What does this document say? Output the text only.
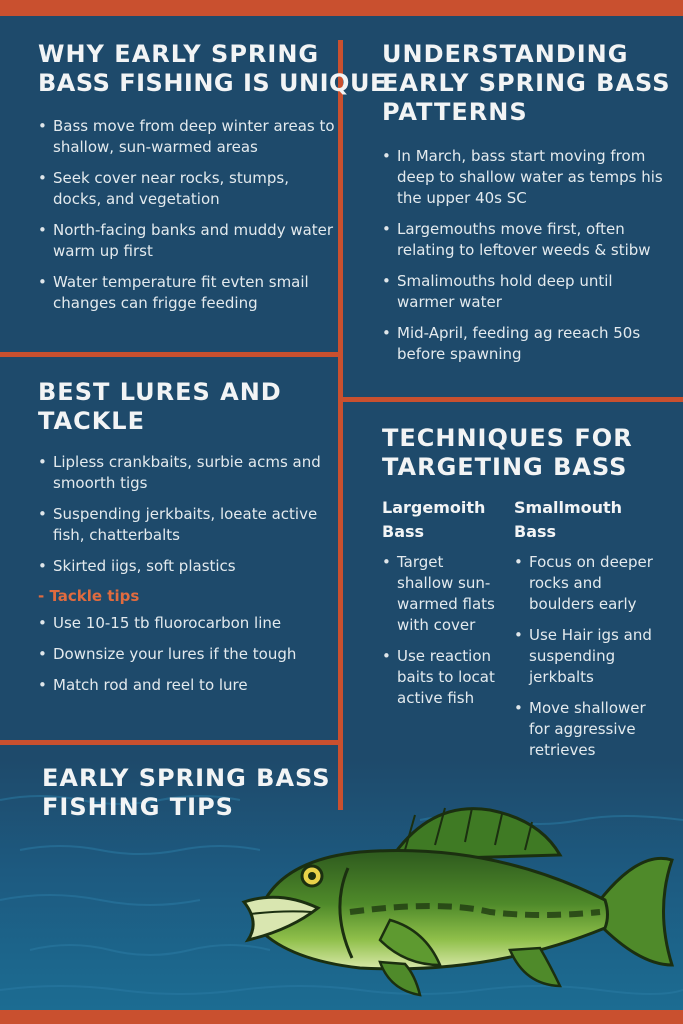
WHY EARLY SPRING
BASS FISHING IS UNIQUE
• Bass move from deep winter areas to shallow, sun-warmed areas
• Seek cover near rocks, stumps, docks, and vegetation
• North-facing banks and muddy water warm up first
• Water temperature fit evten smail changes can frigge feeding
UNDERSTANDING
EARLY SPRING BASS
PATTERNS
• In March, bass start moving from deep to shallow water as temps his the upper 40s SC
• Largemouths move first, often relating to leftover weeds & stibw
• Smalimouths hold deep until warmer water
• Mid-April, feeding ag reeach 50s before spawning
BEST LURES AND
TACKLE
• Lipless crankbaits, surbie acms and smoorth tigs
• Suspending jerkbaits, loeate active fish, chatterbalts
• Skirted iigs, soft plastics
- Tackle tips
• Use 10-15 tb fluorocarbon line
• Downsize your lures if the tough
• Match rod and reel to lure
TECHNIQUES FOR
TARGETING BASS
Largemoith
Bass
• Target shallow sun-warmed flats with cover
• Use reaction baits to locat active fish
Smallmouth
Bass
• Focus on deeper rocks and boulders early
• Use Hair igs and suspending jerkbalts
• Move shallower for aggressive retrieves
EARLY SPRING BASS
FISHING TIPS
